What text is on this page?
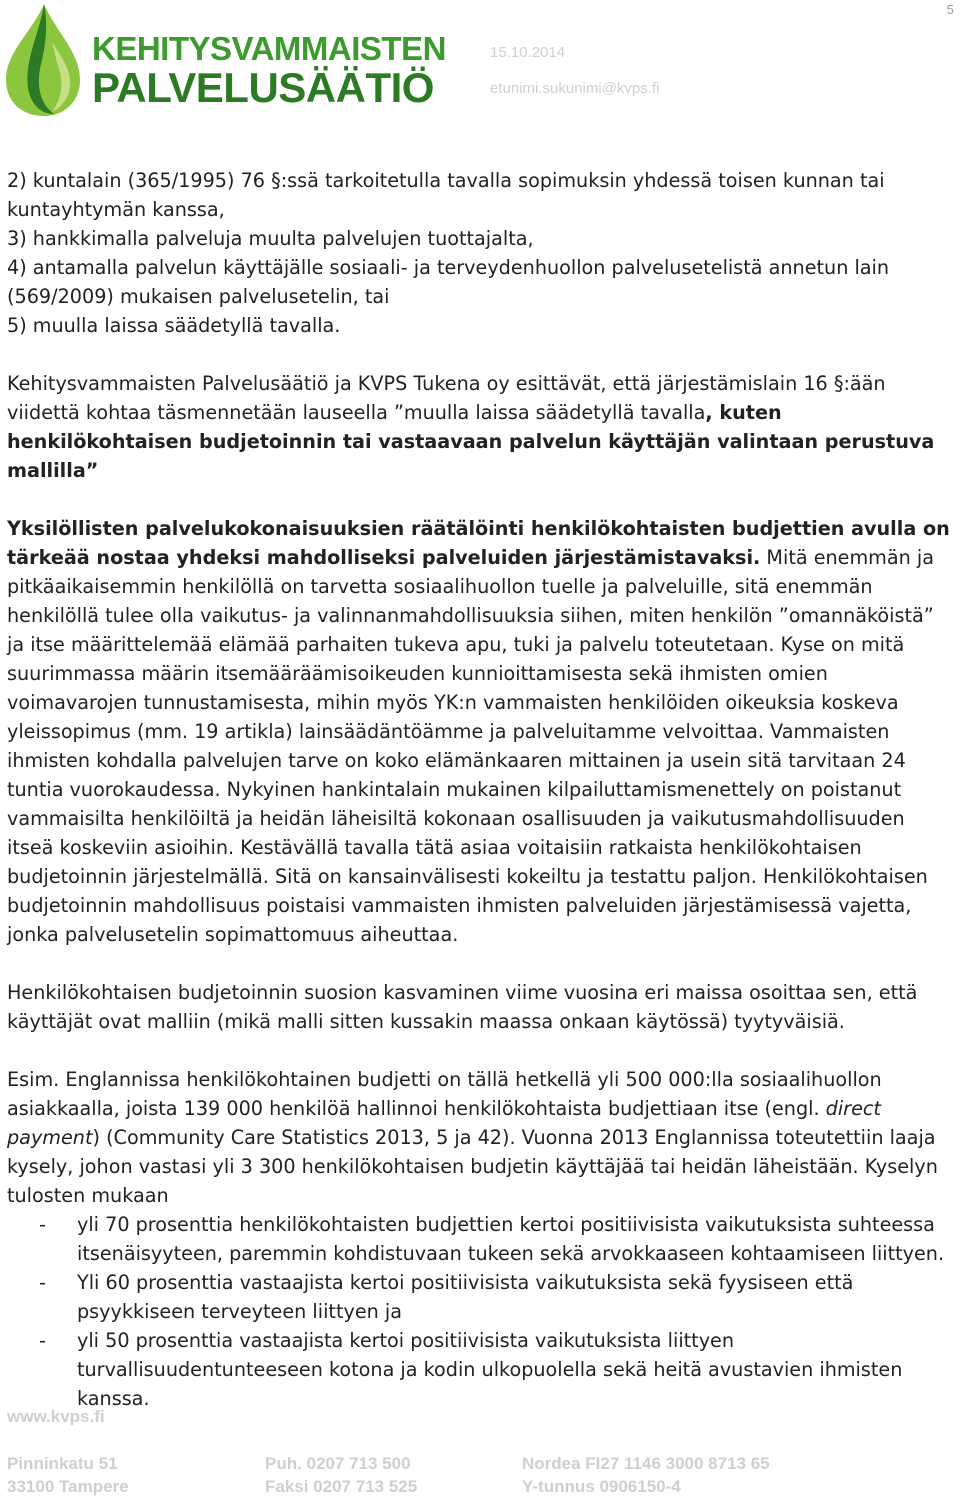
5
KEHITYSVAMMAISTEN
PALVELUSÄÄTIÖ
15.10.2014
etunimi.sukunimi@kvps.fi

2) kuntalain (365/1995) 76 §:ssä tarkoitetulla tavalla sopimuksin yhdessä toisen kunnan tai kuntayhtymän kanssa,

3) hankkimalla palveluja muulta palvelujen tuottajalta,

4) antamalla palvelun käyttäjälle sosiaali- ja terveydenhuollon palvelusetelistä annetun lain (569/2009) mukaisen palvelusetelin, tai

5) muulla laissa säädetyllä tavalla.

Kehitysvammaisten Palvelusäätiö ja KVPS Tukena oy esittävät, että järjestämislain 16 §:ään viidettä kohtaa täsmennetään lauseella ”muulla laissa säädetyllä tavalla, kuten henkilökohtaisen budjetoinnin tai vastaavaan palvelun käyttäjän valintaan perustuva mallilla”

Yksilöllisten palvelukokonaisuuksien räätälöinti henkilökohtaisten budjettien avulla on tärkeää nostaa yhdeksi mahdolliseksi palveluiden järjestämistavaksi. Mitä enemmän ja pitkäaikaisemmin henkilöllä on tarvetta sosiaalihuollon tuelle ja palveluille, sitä enemmän henkilöllä tulee olla vaikutus- ja valinnanmahdollisuuksia siihen, miten henkilön ”omannäköistä” ja itse määrittelemää elämää parhaiten tukeva apu, tuki ja palvelu toteutetaan. Kyse on mitä suurimmassa määrin itsemääräämisoikeuden kunnioittamisesta sekä ihmisten omien voimavarojen tunnustamisesta, mihin myös YK:n vammaisten henkilöiden oikeuksia koskeva yleissopimus (mm. 19 artikla) lainsäädäntöämme ja palveluitamme velvoittaa. Vammaisten ihmisten kohdalla palvelujen tarve on koko elämänkaaren mittainen ja usein sitä tarvitaan 24 tuntia vuorokaudessa. Nykyinen hankintalain mukainen kilpailuttamismenettely on poistanut vammaisilta henkilöiltä ja heidän läheisiltä kokonaan osallisuuden ja vaikutusmahdollisuuden itseä koskeviin asioihin. Kestävällä tavalla tätä asiaa voitaisiin ratkaista henkilökohtaisen budjetoinnin järjestelmällä. Sitä on kansainvälisesti kokeiltu ja testattu paljon. Henkilökohtaisen budjetoinnin mahdollisuus poistaisi vammaisten ihmisten palveluiden järjestämisessä vajetta, jonka palvelusetelin sopimattomuus aiheuttaa.

Henkilökohtaisen budjetoinnin suosion kasvaminen viime vuosina eri maissa osoittaa sen, että käyttäjät ovat malliin (mikä malli sitten kussakin maassa onkaan käytössä) tyytyväisiä.

Esim. Englannissa henkilökohtainen budjetti on tällä hetkellä yli 500 000:lla sosiaalihuollon asiakkaalla, joista 139 000 henkilöä hallinnoi henkilökohtaista budjettiaan itse (engl. direct payment) (Community Care Statistics 2013, 5 ja 42). Vuonna 2013 Englannissa toteutettiin laaja kysely, johon vastasi yli 3 300 henkilökohtaisen budjetin käyttäjää tai heidän läheistään. Kyselyn tulosten mukaan

-	yli 70 prosenttia henkilökohtaisten budjettien kertoi positiivisista vaikutuksista suhteessa itsenäisyyteen, paremmin kohdistuvaan tukeen sekä arvokkaaseen kohtaamiseen liittyen.
-	Yli 60 prosenttia vastaajista kertoi positiivisista vaikutuksista sekä fyysiseen että psyykkiseen terveyteen liittyen ja
-	yli 50 prosenttia vastaajista kertoi positiivisista vaikutuksista liittyen turvallisuudentunteeseen kotona ja kodin ulkopuolella sekä heitä avustavien ihmisten kanssa.
www.kvps.fi
Pinninkatu 51
33100 Tampere
Puh. 0207 713 500
Faksi 0207 713 525
Nordea FI27 1146 3000 8713 65
Y-tunnus 0906150-4
